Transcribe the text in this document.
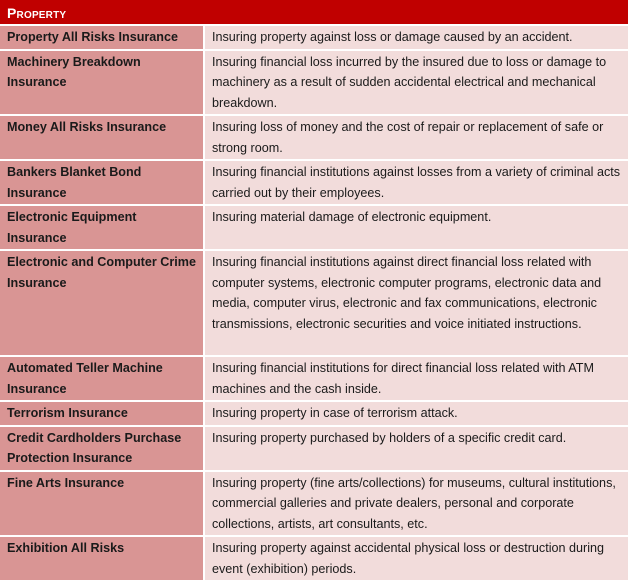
Property
Property All Risks Insurance	Insuring property against loss or damage caused by an accident.
Machinery Breakdown Insurance	Insuring financial loss incurred by the insured due to loss or damage to machinery as a result of sudden accidental electrical and mechanical breakdown.
Money All Risks Insurance	Insuring loss of money and the cost of repair or replacement of safe or strong room.
Bankers Blanket Bond Insurance	Insuring financial institutions against losses from a variety of criminal acts carried out by their employees.
Electronic Equipment Insurance	Insuring material damage of electronic equipment.
Electronic and Computer Crime Insurance	Insuring financial institutions against direct financial loss related with computer systems, electronic computer programs, electronic data and media, computer virus, electronic and fax communications, electronic transmissions, electronic securities and voice initiated instructions.
Automated Teller Machine Insurance	Insuring financial institutions for direct financial loss related with ATM machines and the cash inside.
Terrorism Insurance	Insuring property in case of terrorism attack.
Credit Cardholders Purchase Protection Insurance	Insuring property purchased by holders of a specific credit card.
Fine Arts Insurance	Insuring property (fine arts/collections) for museums, cultural institutions, commercial galleries and private dealers, personal and corporate collections, artists, art consultants, etc.
Exhibition All Risks	Insuring property against accidental physical loss or destruction during event (exhibition) periods.
